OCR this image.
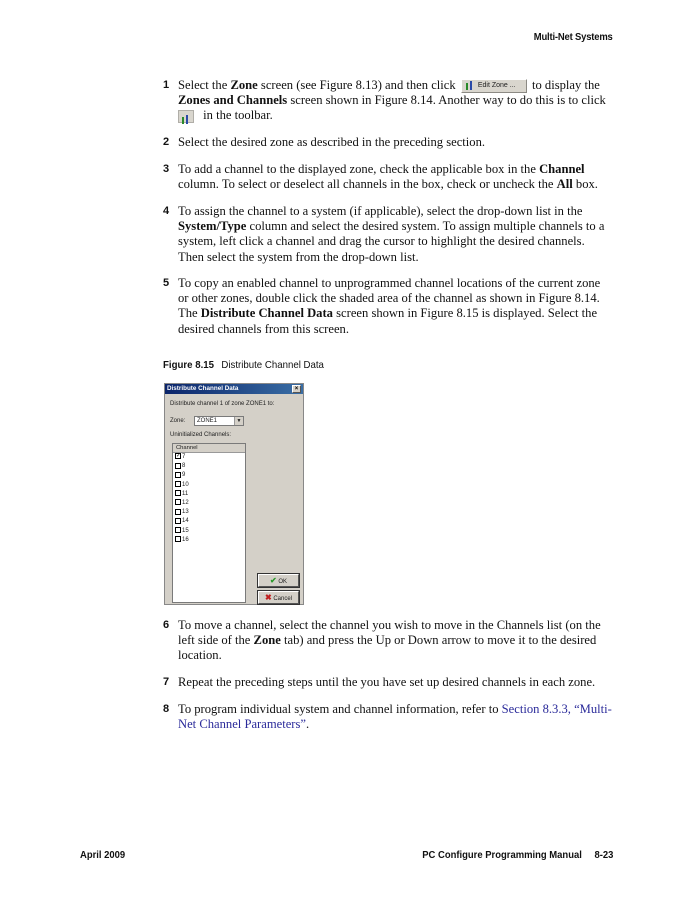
Multi-Net Systems
1 Select the Zone screen (see Figure 8.13) and then click	Edit Zone ... to display the Zones and Channels screen shown in Figure 8.14. Another way to do this is to click

in the toolbar.
2 Select the desired zone as described in the preceding section.
3 To add a channel to the displayed zone, check the applicable box in the Channel
column. To select or deselect all channels in the box, check or uncheck the All box.
4 To assign the channel to a system (if applicable), select the drop-down list in the System/Type column and select the desired system. To assign multiple channels to a system, left click a channel and drag the cursor to highlight the desired channels. Then select the system from the drop-down list.
5 To copy an enabled channel to unprogrammed channel locations of the current zone or other zones, double click the shaded area of the channel as shown in Figure 8.14. The Distribute Channel Data screen shown in Figure 8.15 is displayed. Select the desired channels from this screen.
Figure 8.15 Distribute Channel Data
Distribute Channel Data	×
Distribute channel 1 of zone ZONE1 to:
Zone:	ZONE1	▼
Uninitialized Channels:
Channel
✓7
8
9
10
11
12
13
14
15
16
✔ OK
✖ Cancel
6 To move a channel, select the channel you wish to move in the Channels list (on the left side of the Zone tab) and press the Up or Down arrow to move it to the desired location.
7 Repeat the preceding steps until the you have set up desired channels in each zone.
8 To program individual system and channel information, refer to Section 8.3.3, “Multi-Net Channel Parameters”.
April 2009	PC Configure Programming Manual 8-23
